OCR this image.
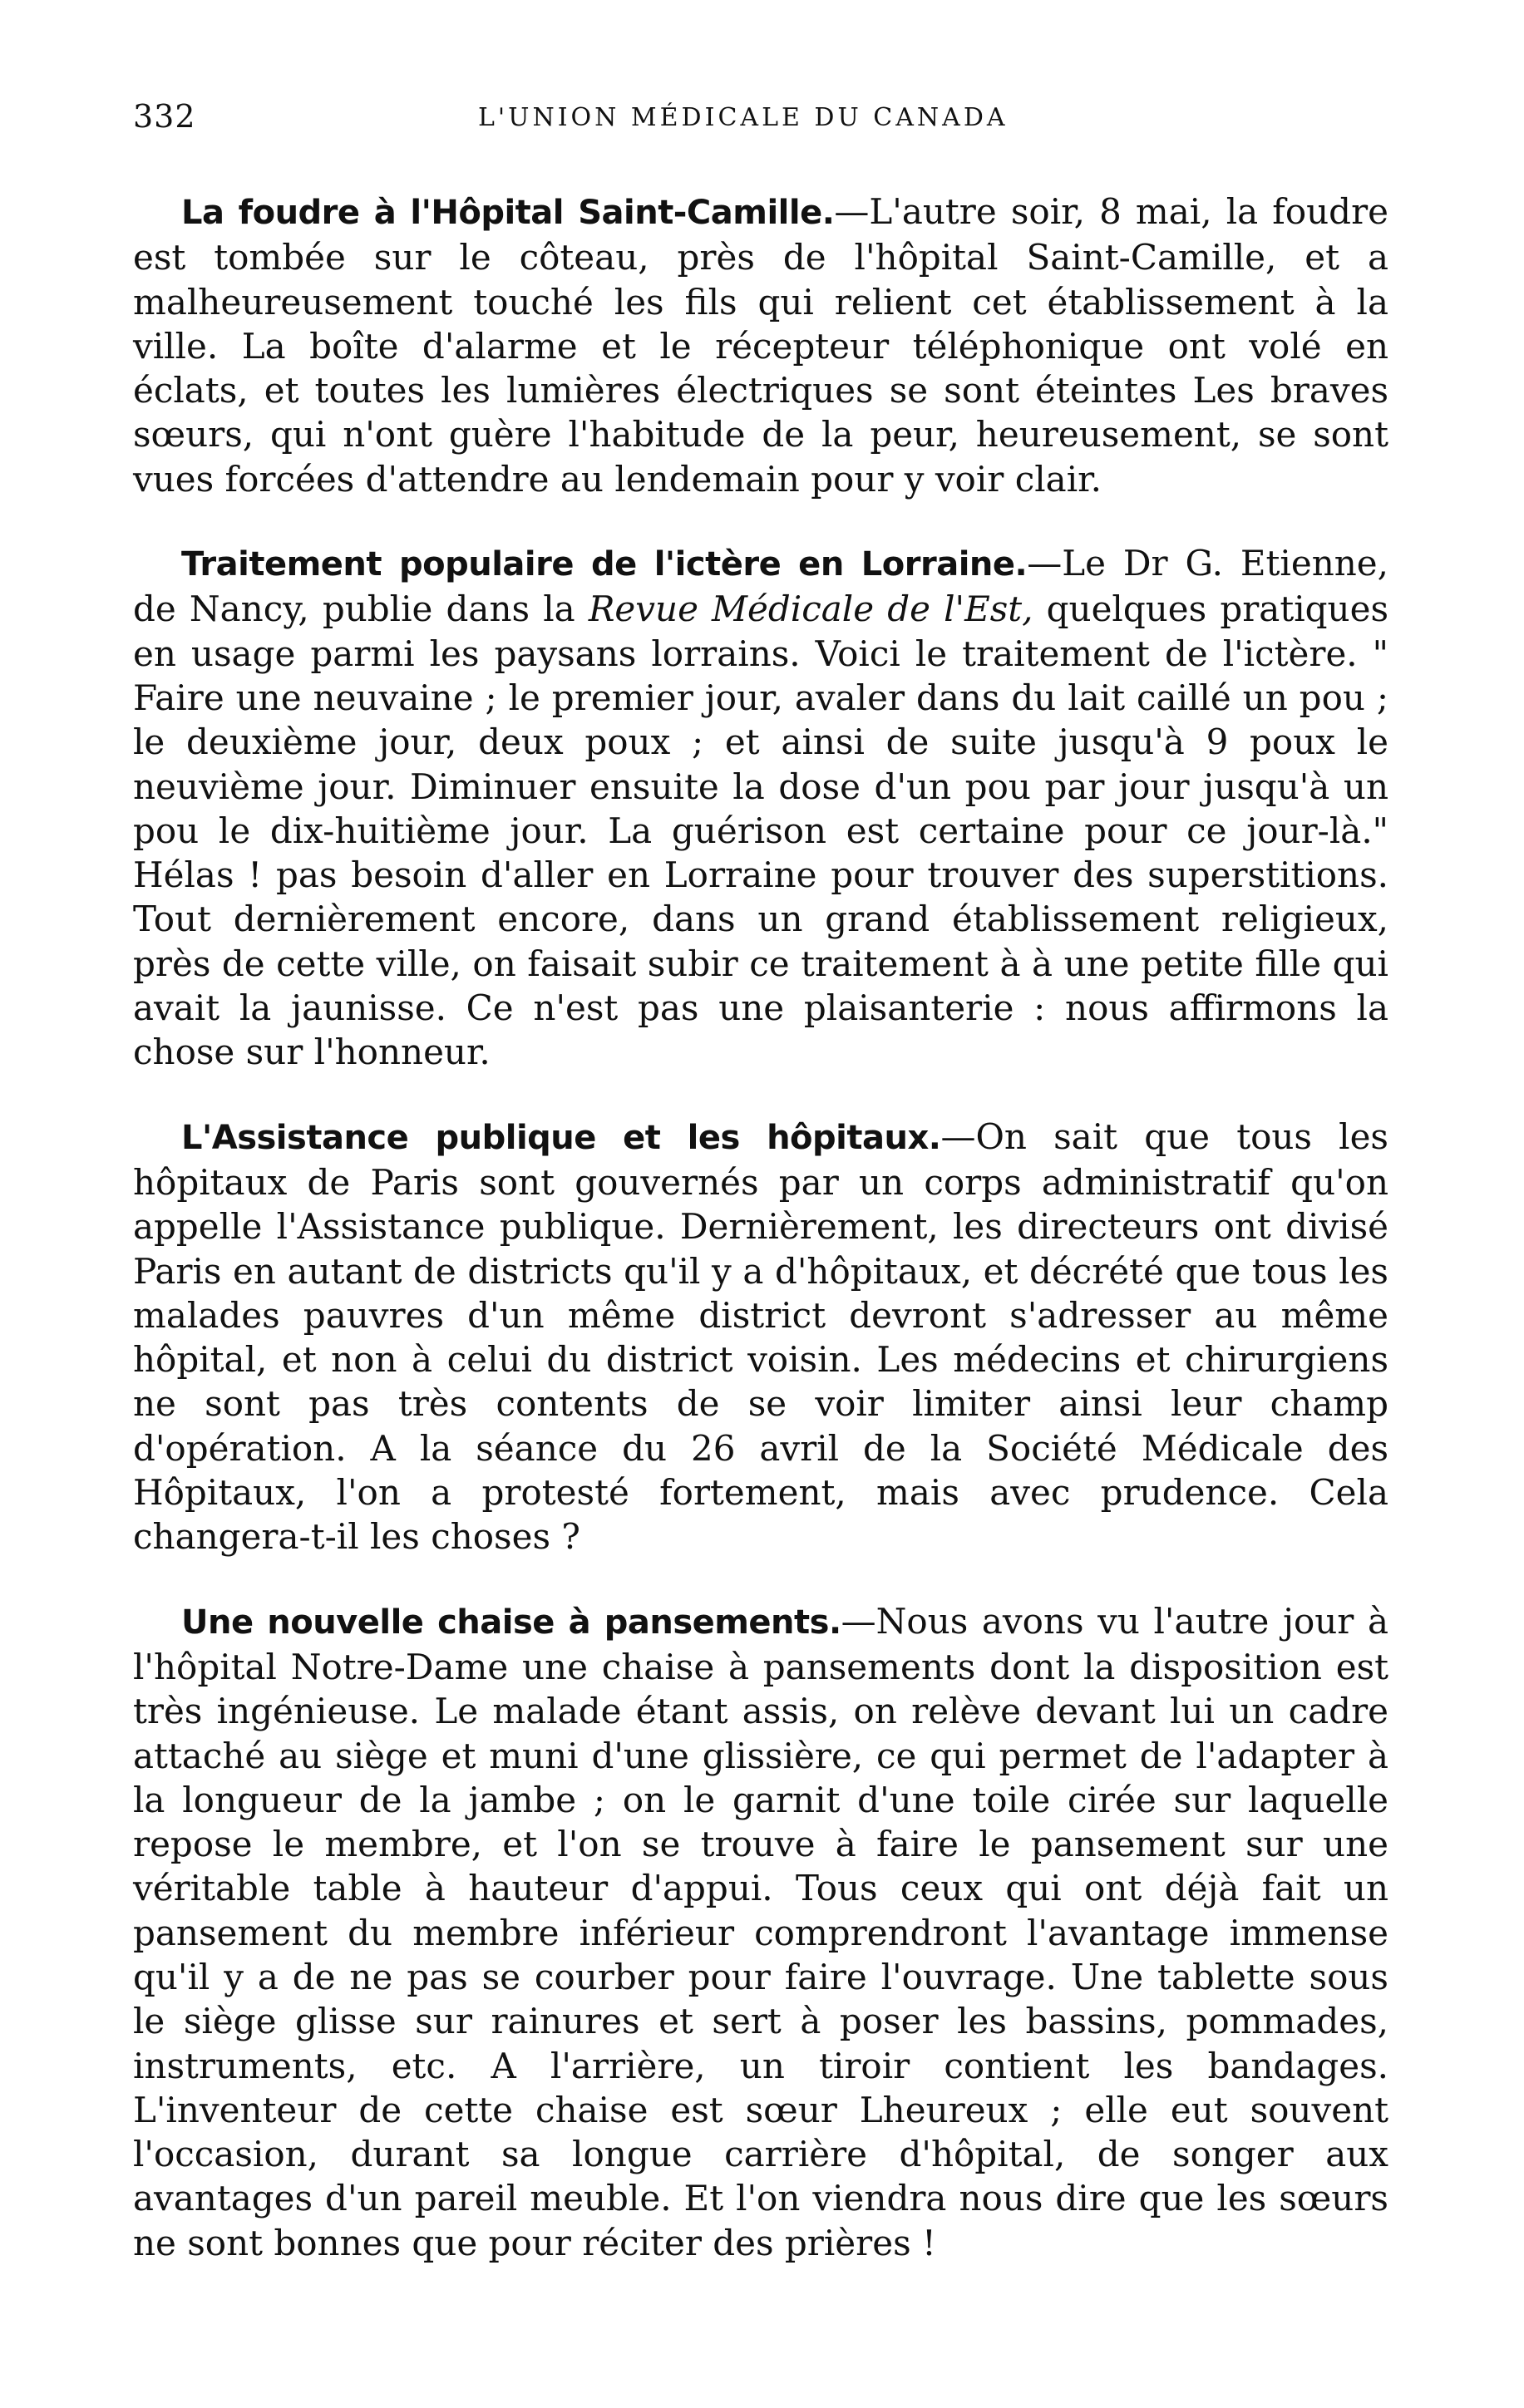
332	L'UNION MÉDICALE DU CANADA

La foudre à l'Hôpital Saint-Camille.—L'autre soir, 8 mai, la foudre est tombée sur le côteau, près de l'hôpital Saint-Camille, et a malheureusement touché les fils qui relient cet établissement à la ville. La boîte d'alarme et le récepteur téléphonique ont volé en éclats, et toutes les lumières électriques se sont éteintes Les braves sœurs, qui n'ont guère l'habitude de la peur, heureusement, se sont vues forcées d'attendre au lendemain pour y voir clair.

Traitement populaire de l'ictère en Lorraine.—Le Dr G. Etienne, de Nancy, publie dans la Revue Médicale de l'Est, quelques pratiques en usage parmi les paysans lorrains. Voici le traitement de l'ictère. " Faire une neuvaine ; le premier jour, avaler dans du lait caillé un pou ; le deuxième jour, deux poux ; et ainsi de suite jusqu'à 9 poux le neuvième jour. Diminuer ensuite la dose d'un pou par jour jusqu'à un pou le dix-huitième jour. La guérison est certaine pour ce jour-là." Hélas ! pas besoin d'aller en Lorraine pour trouver des superstitions. Tout dernièrement encore, dans un grand établissement religieux, près de cette ville, on faisait subir ce traitement à à une petite fille qui avait la jaunisse. Ce n'est pas une plaisanterie : nous affirmons la chose sur l'honneur.

L'Assistance publique et les hôpitaux.—On sait que tous les hôpitaux de Paris sont gouvernés par un corps administratif qu'on appelle l'Assistance publique. Dernièrement, les directeurs ont divisé Paris en autant de districts qu'il y a d'hôpitaux, et décrété que tous les malades pauvres d'un même district devront s'adresser au même hôpital, et non à celui du district voisin. Les médecins et chirurgiens ne sont pas très contents de se voir limiter ainsi leur champ d'opération. A la séance du 26 avril de la Société Médicale des Hôpitaux, l'on a protesté fortement, mais avec prudence. Cela changera-t-il les choses ?

Une nouvelle chaise à pansements.—Nous avons vu l'autre jour à l'hôpital Notre-Dame une chaise à pansements dont la disposition est très ingénieuse. Le malade étant assis, on relève devant lui un cadre attaché au siège et muni d'une glissière, ce qui permet de l'adapter à la longueur de la jambe ; on le garnit d'une toile cirée sur laquelle repose le membre, et l'on se trouve à faire le pansement sur une véritable table à hauteur d'appui. Tous ceux qui ont déjà fait un pansement du membre inférieur comprendront l'avantage immense qu'il y a de ne pas se courber pour faire l'ouvrage. Une tablette sous le siège glisse sur rainures et sert à poser les bassins, pommades, instruments, etc. A l'arrière, un tiroir contient les bandages. L'inventeur de cette chaise est sœur Lheureux ; elle eut souvent l'occasion, durant sa longue carrière d'hôpital, de songer aux avantages d'un pareil meuble. Et l'on viendra nous dire que les sœurs ne sont bonnes que pour réciter des prières !
